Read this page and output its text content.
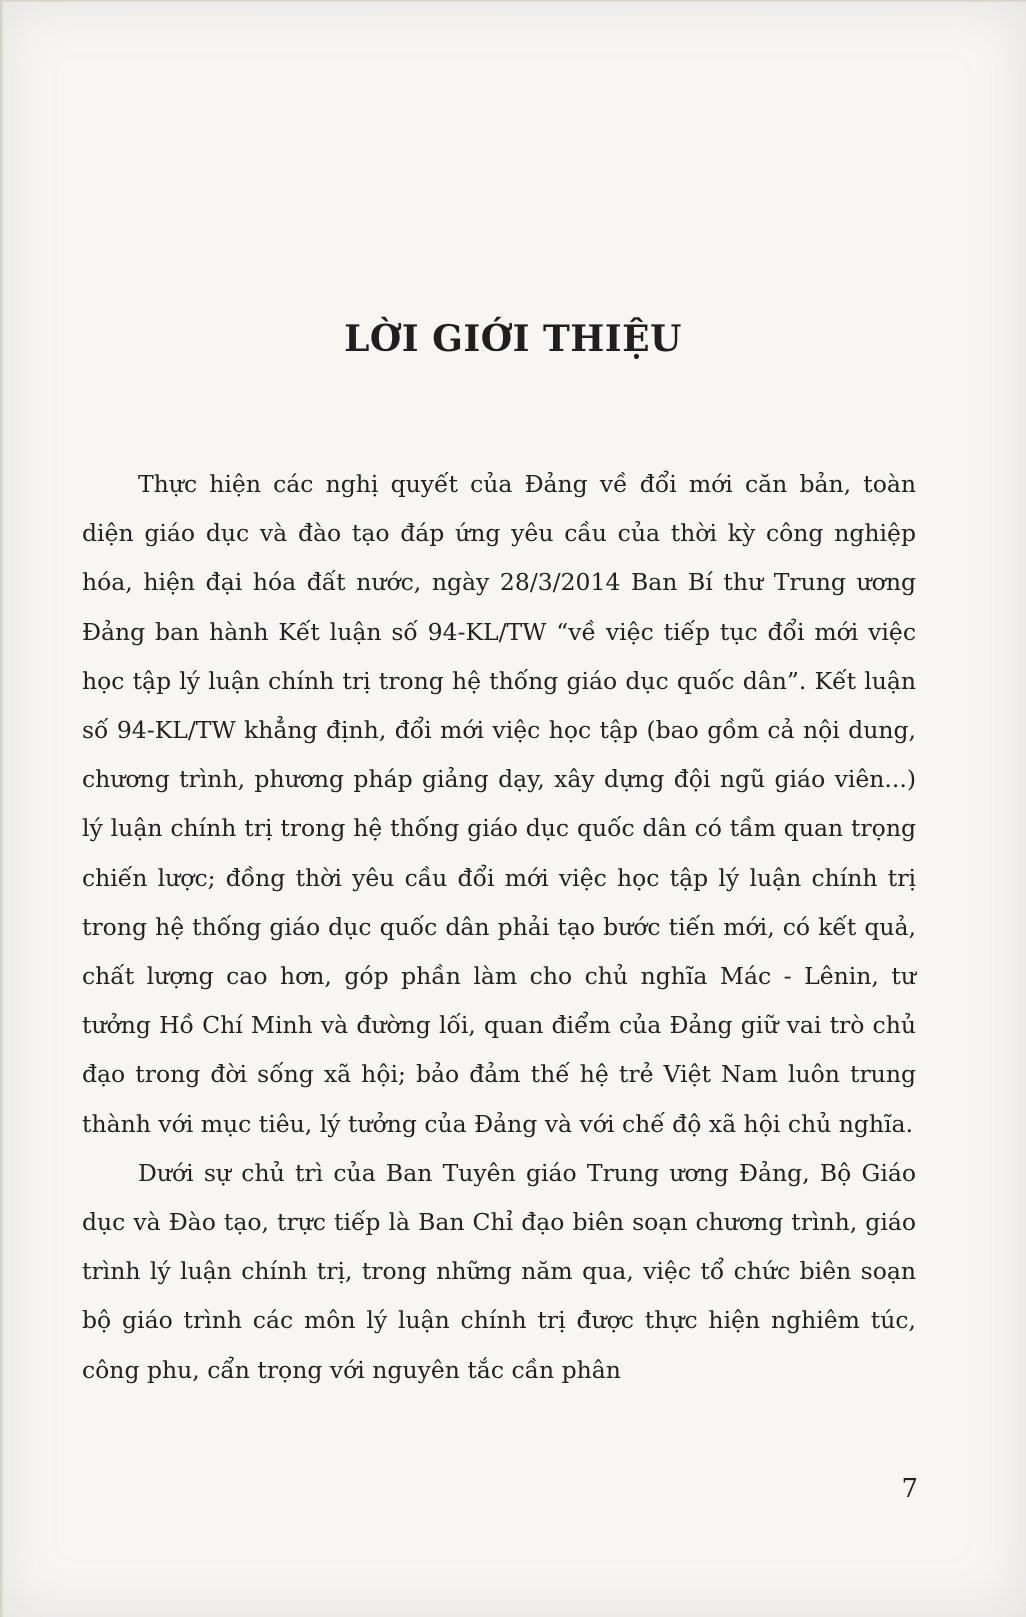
LỜI GIỚI THIỆU

Thực hiện các nghị quyết của Đảng về đổi mới căn bản, toàn diện giáo dục và đào tạo đáp ứng yêu cầu của thời kỳ công nghiệp hóa, hiện đại hóa đất nước, ngày 28/3/2014 Ban Bí thư Trung ương Đảng ban hành Kết luận số 94-KL/TW “về việc tiếp tục đổi mới việc học tập lý luận chính trị trong hệ thống giáo dục quốc dân”. Kết luận số 94-KL/TW khẳng định, đổi mới việc học tập (bao gồm cả nội dung, chương trình, phương pháp giảng dạy, xây dựng đội ngũ giáo viên...) lý luận chính trị trong hệ thống giáo dục quốc dân có tầm quan trọng chiến lược; đồng thời yêu cầu đổi mới việc học tập lý luận chính trị trong hệ thống giáo dục quốc dân phải tạo bước tiến mới, có kết quả, chất lượng cao hơn, góp phần làm cho chủ nghĩa Mác - Lênin, tư tưởng Hồ Chí Minh và đường lối, quan điểm của Đảng giữ vai trò chủ đạo trong đời sống xã hội; bảo đảm thế hệ trẻ Việt Nam luôn trung thành với mục tiêu, lý tưởng của Đảng và với chế độ xã hội chủ nghĩa.

Dưới sự chủ trì của Ban Tuyên giáo Trung ương Đảng, Bộ Giáo dục và Đào tạo, trực tiếp là Ban Chỉ đạo biên soạn chương trình, giáo trình lý luận chính trị, trong những năm qua, việc tổ chức biên soạn bộ giáo trình các môn lý luận chính trị được thực hiện nghiêm túc, công phu, cẩn trọng với nguyên tắc cần phân

7
